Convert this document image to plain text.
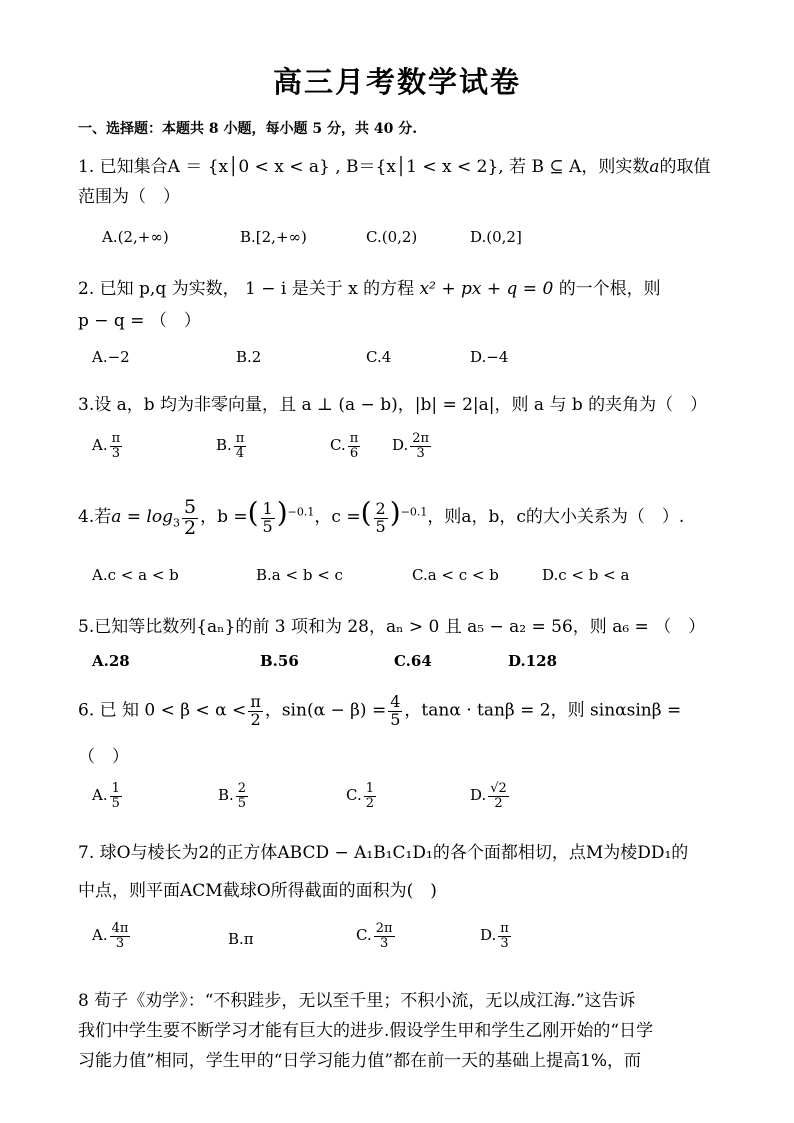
高三月考数学试卷
一、选择题：本题共 8 小题，每小题 5 分，共 40 分.
1. 已知集合A ＝ {x│0 < x < a} , B＝{x│1 < x < 2}, 若 B ⊆ A，则实数a的取值
范围为（　）
A.(2,+∞)	B.[2,+∞)	C.(0,2)	D.(0,2]
2. 已知 p,q 为实数， 1 − i 是关于 x 的方程 x² + px + q = 0 的一个根，则
p − q = （　）
A.−2	B.2	C.4	D.−4
3.设 a，b 均为非零向量，且 a ⊥ (a − b)，|b| = 2|a|，则 a 与 b 的夹角为（　）
A. $\frac{\pi}{3}$	B. $\frac{\pi}{4}$	C. $\frac{\pi}{6} D$. $\frac{2\pi}{3}$
4.若$a = \log_3 \frac{5}{2}$ ，b =( $\frac{1}{5} )^{-0.1}$，c =( $\frac{2}{5} )^{-0.1}$，则a，b，c的大小关系为（　）.
A.c < a < b	B.a < b < c	C.a < c < b	D.c < b < a
5.已知等比数列{aₙ}的前 3 项和为 28，aₙ > 0 且 a₅ − a₂ = 56，则 a₆ = （　）
A.28	B.56	C.64	D.128
6. 已 知 $0 < \beta < \alpha < \frac{\pi}{2}$ ，$\sin(\alpha - \beta) = \frac{4}{5}$ ，tanα · tanβ = 2，则 sinαsinβ =
（　）
A. $\frac{1}{5}$	B. $\frac{2}{5}$	C. $\frac{1}{2}$	D. $\frac{√2}{2}$
7. 球O与棱长为2的正方体ABCD − A₁B₁C₁D₁的各个面都相切，点M为棱DD₁的
中点，则平面ACM截球O所得截面的面积为(　)
A. $\frac{4\pi}{3}$	B.π	C. $\frac{2\pi}{3}$	D. $\frac{\pi}{3}$
8 荀子《劝学》：“不积跬步，无以至千里；不积小流，无以成江海.”这告诉
我们中学生要不断学习才能有巨大的进步.假设学生甲和学生乙刚开始的“日学
习能力值”相同，学生甲的“日学习能力值”都在前一天的基础上提高1%，而
